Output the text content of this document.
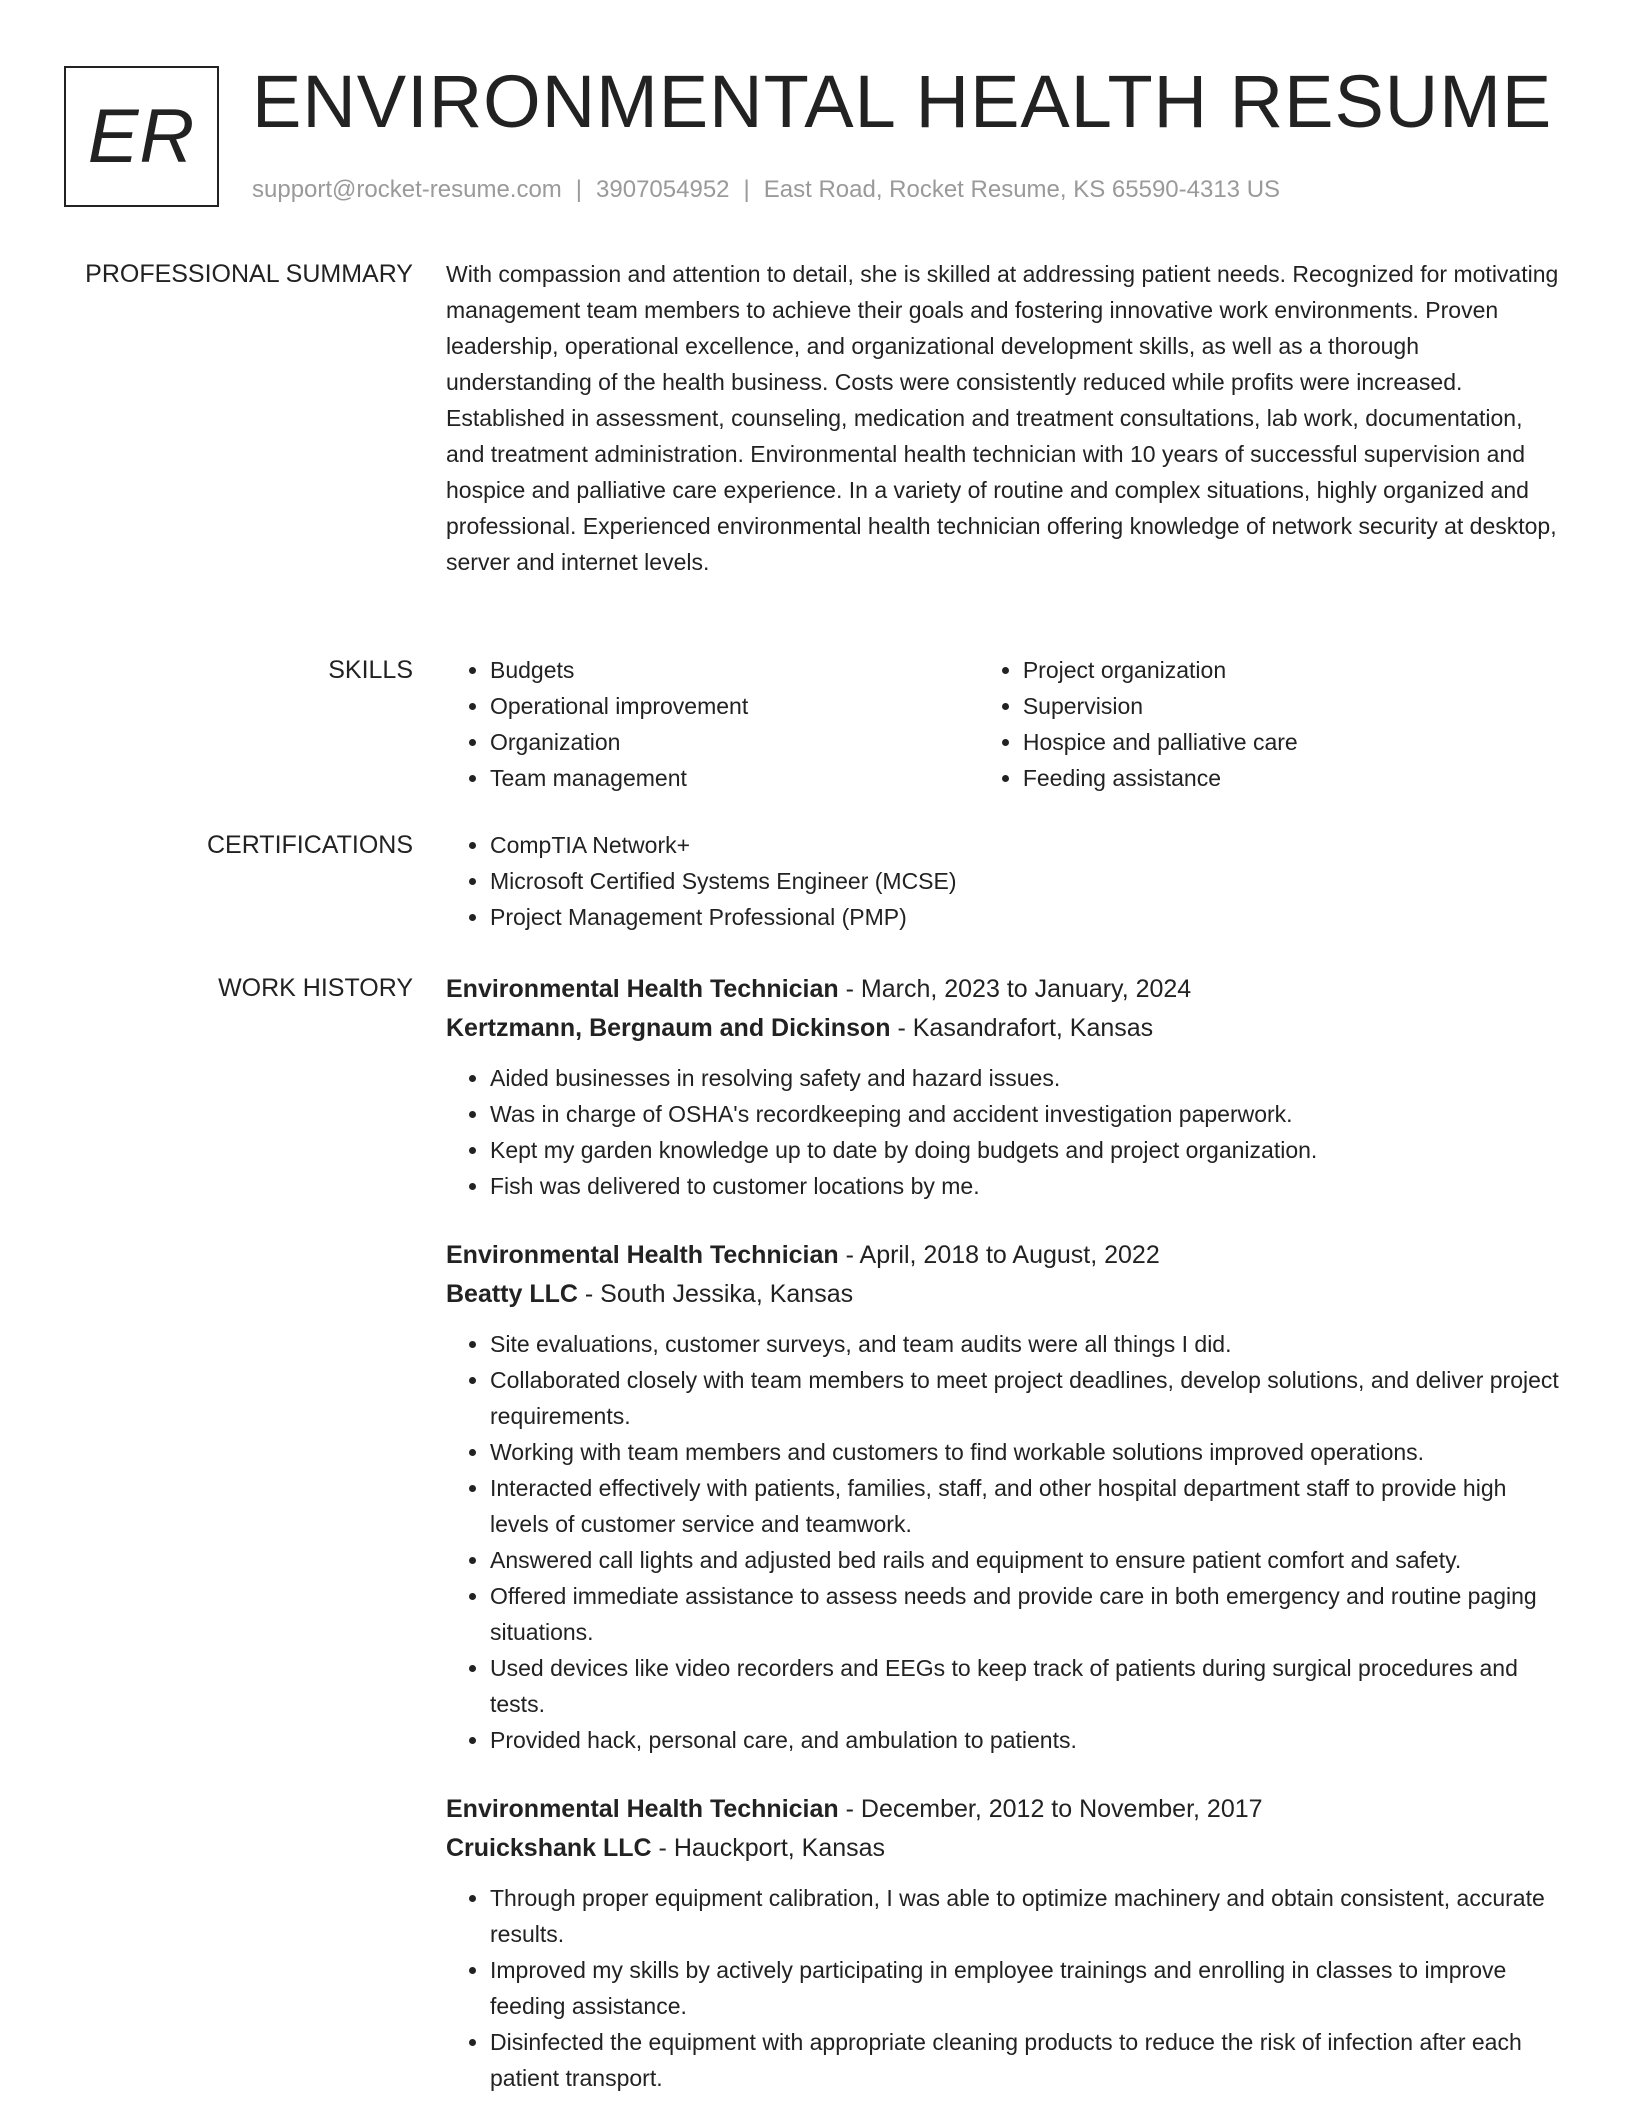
ER ENVIRONMENTAL HEALTH RESUME
support@rocket-resume.com | 3907054952 | East Road, Rocket Resume, KS 65590-4313 US
PROFESSIONAL SUMMARY With compassion and attention to detail, she is skilled at addressing patient needs. Recognized for motivating management team members to achieve their goals and fostering innovative work environments. Proven leadership, operational excellence, and organizational development skills, as well as a thorough understanding of the health business. Costs were consistently reduced while profits were increased. Established in assessment, counseling, medication and treatment consultations, lab work, documentation, and treatment administration. Environmental health technician with 10 years of successful supervision and hospice and palliative care experience. In a variety of routine and complex situations, highly organized and professional. Experienced environmental health technician offering knowledge of network security at desktop, server and internet levels.

SKILLS	• Budgets
• Operational improvement
• Organization
• Team management
• Project organization
• Supervision
• Hospice and palliative care
• Feeding assistance
CERTIFICATIONS	• CompTIA Network+
• Microsoft Certified Systems Engineer (MCSE)
• Project Management Professional (PMP)
WORK HISTORY Environmental Health Technician - March, 2023 to January, 2024
Kertzmann, Bergnaum and Dickinson - Kasandrafort, Kansas
• Aided businesses in resolving safety and hazard issues.
• Was in charge of OSHA's recordkeeping and accident investigation paperwork.
• Kept my garden knowledge up to date by doing budgets and project organization.
• Fish was delivered to customer locations by me.
Environmental Health Technician - April, 2018 to August, 2022
Beatty LLC - South Jessika, Kansas
• Site evaluations, customer surveys, and team audits were all things I did.
• Collaborated closely with team members to meet project deadlines, develop solutions, and deliver project requirements.
• Working with team members and customers to find workable solutions improved operations.
• Interacted effectively with patients, families, staff, and other hospital department staff to provide high levels of customer service and teamwork.
• Answered call lights and adjusted bed rails and equipment to ensure patient comfort and safety.
• Offered immediate assistance to assess needs and provide care in both emergency and routine paging situations.
• Used devices like video recorders and EEGs to keep track of patients during surgical procedures and tests.
• Provided hack, personal care, and ambulation to patients.
Environmental Health Technician - December, 2012 to November, 2017
Cruickshank LLC - Hauckport, Kansas
• Through proper equipment calibration, I was able to optimize machinery and obtain consistent, accurate results.
• Improved my skills by actively participating in employee trainings and enrolling in classes to improve feeding assistance.
• Disinfected the equipment with appropriate cleaning products to reduce the risk of infection after each patient transport.
